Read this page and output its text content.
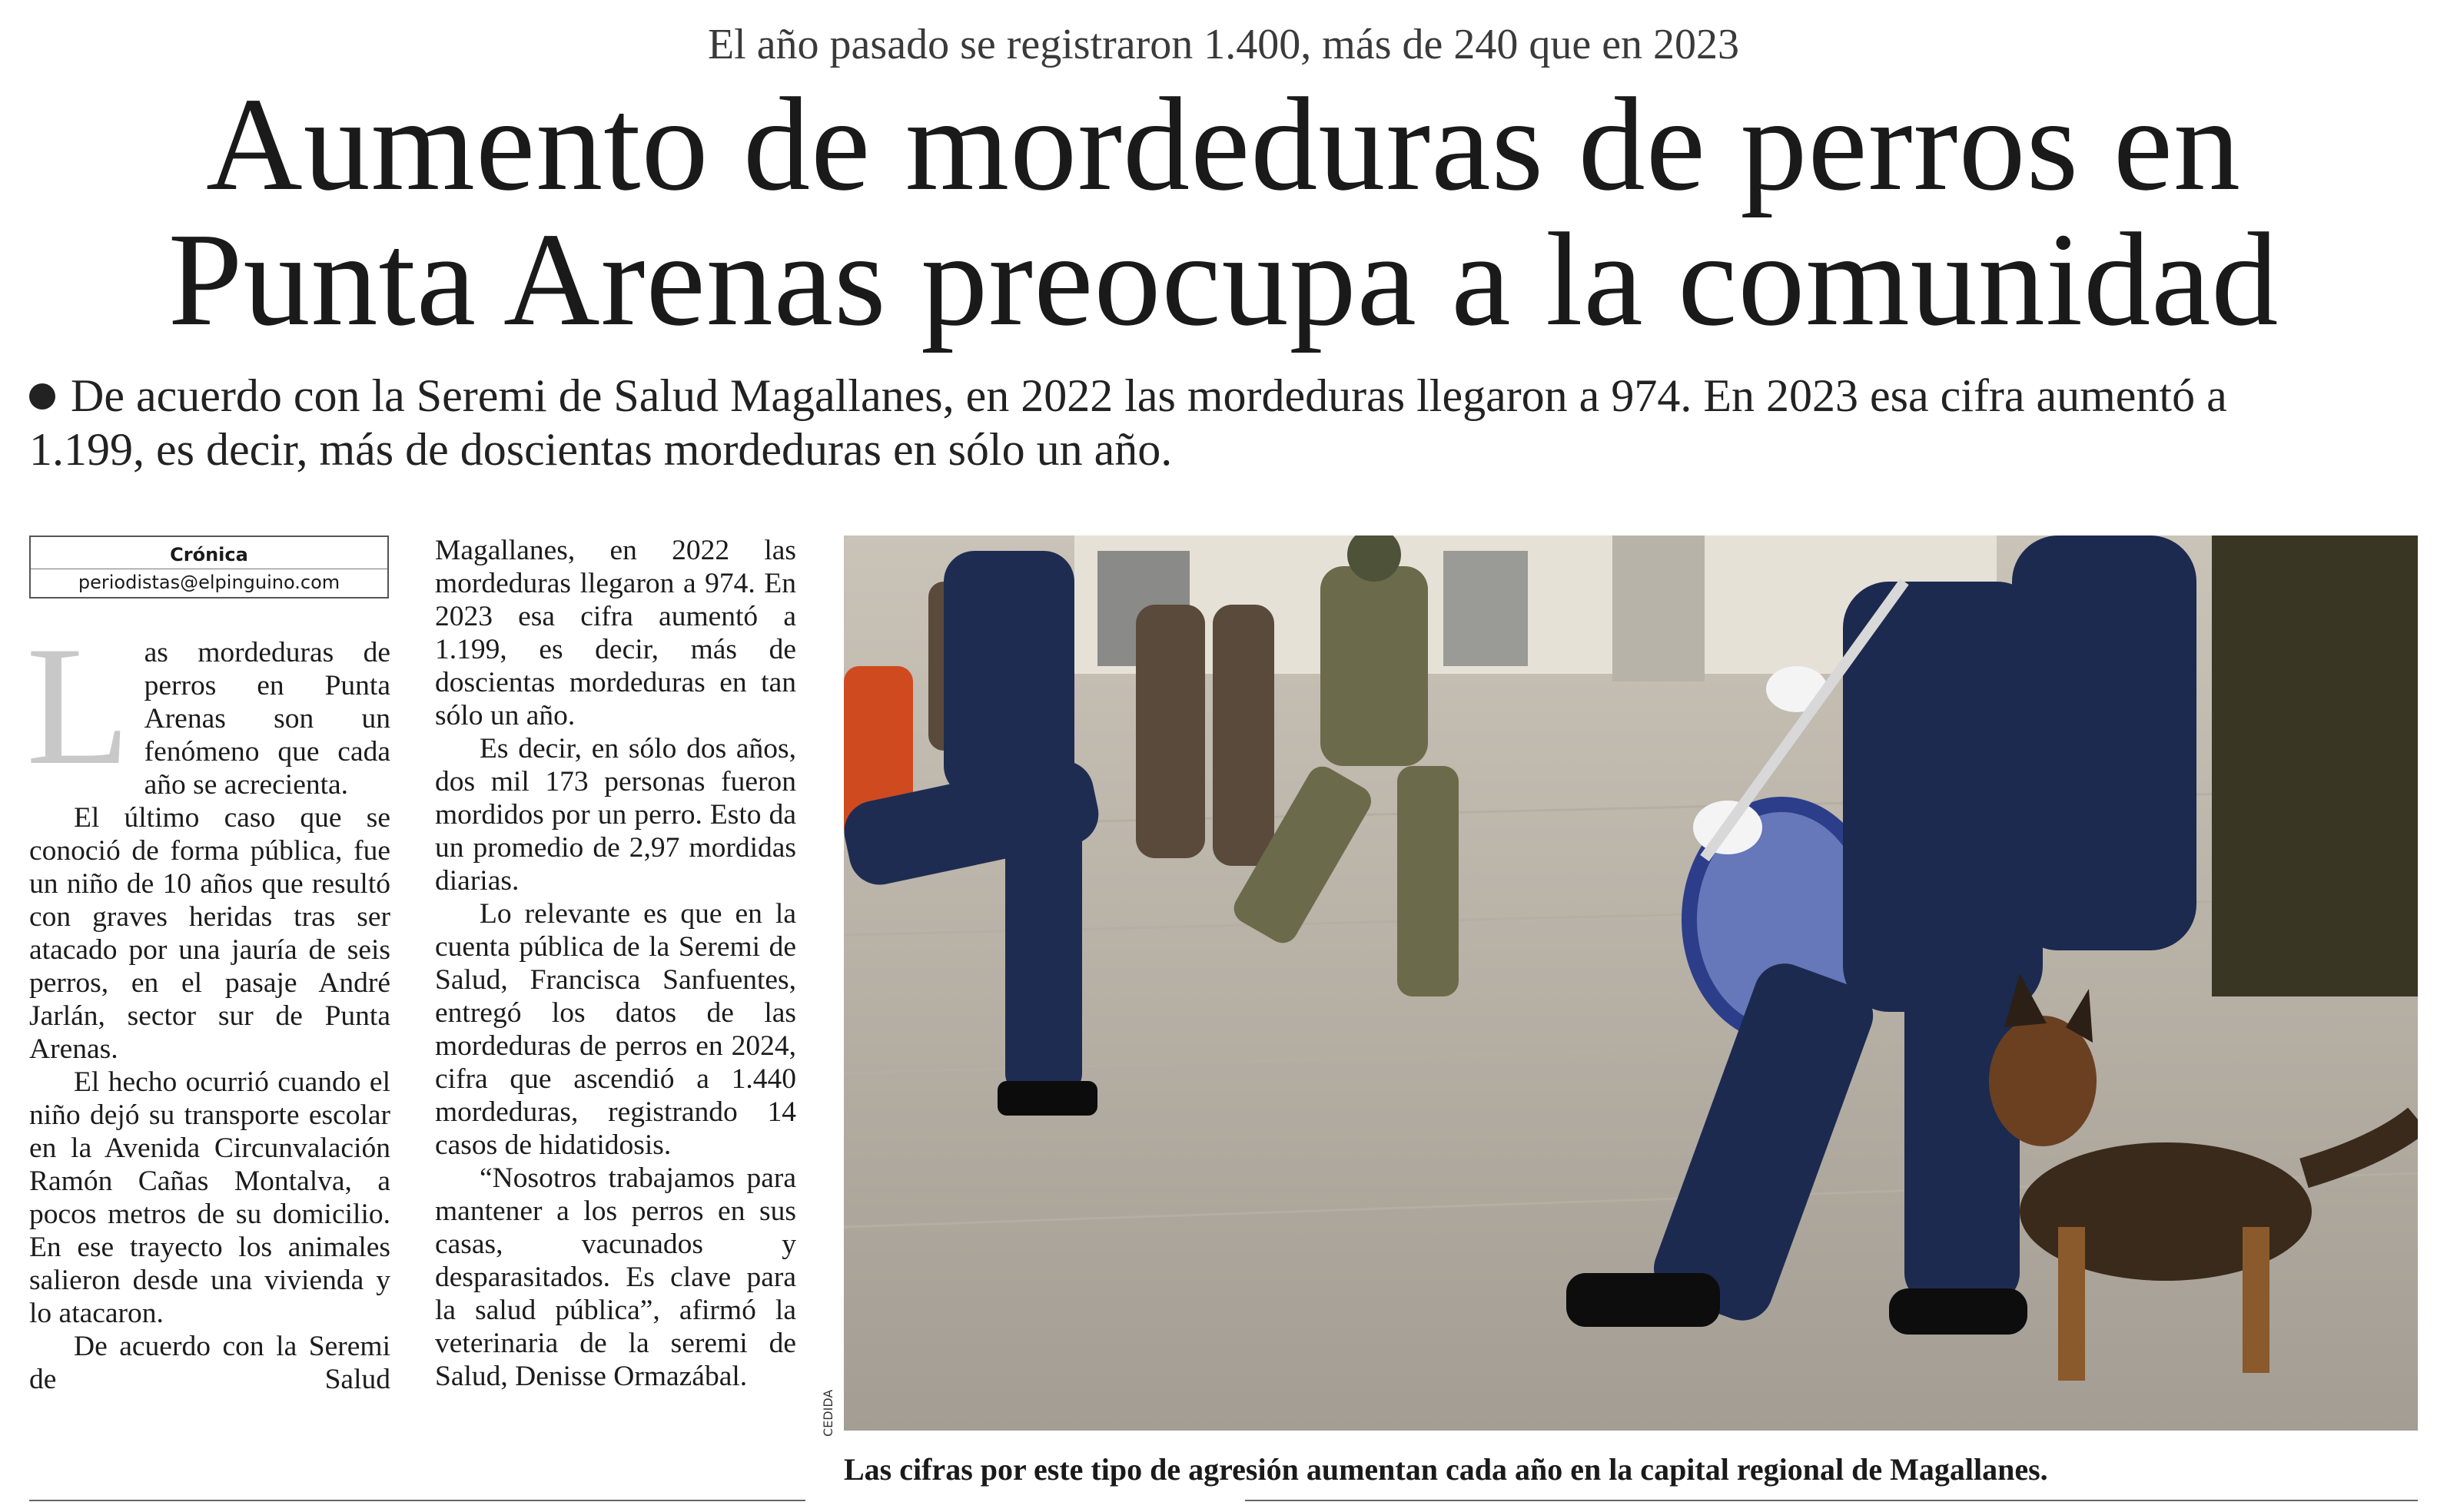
El año pasado se registraron 1.400, más de 240 que en 2023
Aumento de mordeduras de perros en
Punta Arenas preocupa a la comunidad
De acuerdo con la Seremi de Salud Magallanes, en 2022 las mordeduras llegaron a 974. En 2023 esa cifra aumentó a
1.199, es decir, más de doscientas mordeduras en sólo un año.
Crónica
periodistas@elpinguino.com

Las mordeduras de perros en Punta Arenas son un fenómeno que cada año se acrecienta.

El último caso que se conoció de forma pública, fue un niño de 10 años que resultó con graves heridas tras ser atacado por una jauría de seis perros, en el pasaje André Jarlán, sector sur de Punta Arenas.

El hecho ocurrió cuando el niño dejó su transporte escolar en la Avenida Circunvalación Ramón Cañas Montalva, a pocos metros de su domicilio. En ese trayecto los animales salieron desde una vivienda y lo atacaron.

De acuerdo con la Seremi de Salud

Magallanes, en 2022 las mordeduras llegaron a 974. En 2023 esa cifra aumentó a 1.199, es decir, más de doscientas mordeduras en tan sólo un año.

Es decir, en sólo dos años, dos mil 173 personas fueron mordidos por un perro. Esto da un promedio de 2,97 mordidas diarias.

Lo relevante es que en la cuenta pública de la Seremi de Salud, Francisca Sanfuentes, entregó los datos de las mordeduras de perros en 2024, cifra que ascendió a 1.440 mordeduras, registrando 14 casos de hidatidosis.

“Nosotros trabajamos para mantener a los perros en sus casas, vacunados y desparasitados. Es clave para la salud pública”, afirmó la veterinaria de la seremi de Salud, Denisse Ormazábal.

CEDIDA
Las cifras por este tipo de agresión aumentan cada año en la capital regional de Magallanes.
